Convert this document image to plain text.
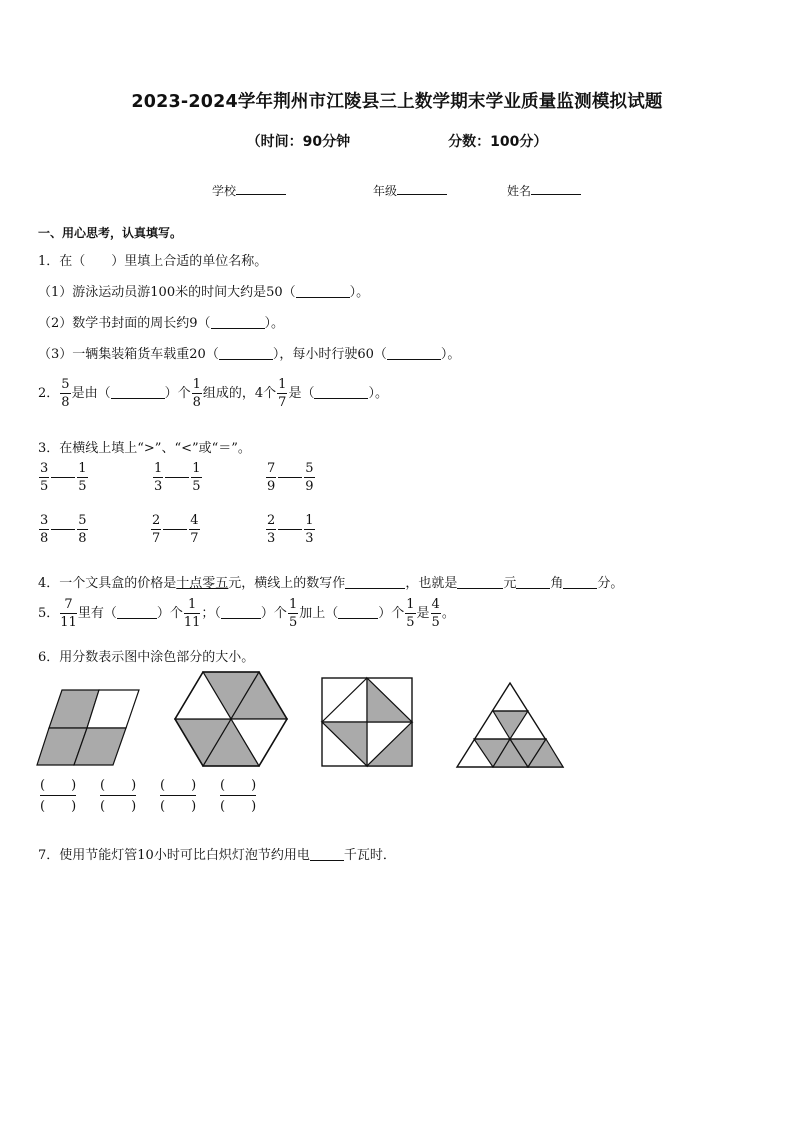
2023-2024学年荆州市江陵县三上数学期末学业质量监测模拟试题
（时间：90分钟	分数：100分）
学校	年级	姓名
一、用心思考，认真填写。
1．在（　　）里填上合适的单位名称。
（1）游泳运动员游100米的时间大约是50（	）。
（2）数学书封面的周长约9（	）。
（3）一辆集装箱货车载重20（	），每小时行驶60（	）。
2． $\frac{5}{8}$ 是由（	）个 $\frac{1}{8}$ 组成的，4个 $\frac{1}{7}$ 是（	）。
3．在横线上填上“>”、“<”或“＝”。
$\frac{3}{5} \frac{1}{5}$	$\frac{1}{3} \frac{1}{5}$	$\frac{7}{9} \frac{5}{9}$
$\frac{3}{8} \frac{5}{8}$	$\frac{2}{7} \frac{4}{7}$	$\frac{2}{3} \frac{1}{3}$
4．一个文具盒的价格是十点零五元，横线上的数写作	，也就是	元	角	分。
5． $\frac{7}{11}$ 里有（	）个 $\frac{1}{11}$ ；（	）个 $\frac{1}{5}$ 加上（	）个 $\frac{1}{5}$ 是 $\frac{4}{5}$ 。
6．用分数表示图中涂色部分的大小。
(　　)
(　　)
(　　)
(　　)
(　　)
(　　)
(　　)
(　　)
7．使用节能灯管10小时可比白炽灯泡节约用电	千瓦时．
